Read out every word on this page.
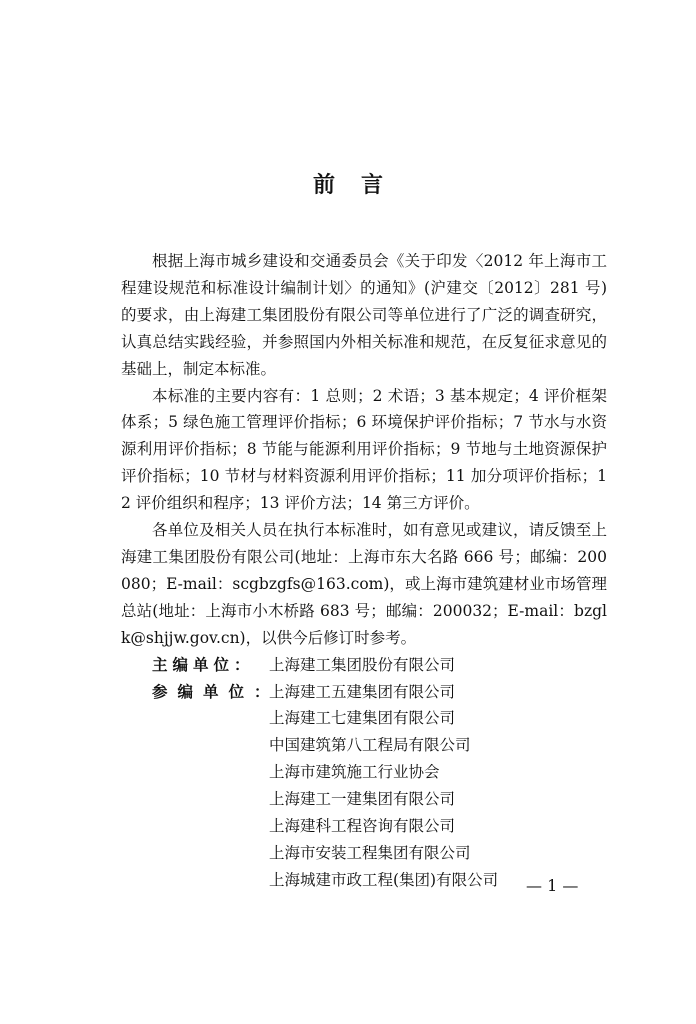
前言

根据上海市城乡建设和交通委员会《关于印发〈2012 年上海市工程建设规范和标准设计编制计划〉的通知》(沪建交〔2012〕281 号)的要求，由上海建工集团股份有限公司等单位进行了广泛的调查研究，认真总结实践经验，并参照国内外相关标准和规范，在反复征求意见的基础上，制定本标准。

本标准的主要内容有：1 总则；2 术语；3 基本规定；4 评价框架体系；5 绿色施工管理评价指标；6 环境保护评价指标；7 节水与水资源利用评价指标；8 节能与能源利用评价指标；9 节地与土地资源保护评价指标；10 节材与材料资源利用评价指标；11 加分项评价指标；12 评价组织和程序；13 评价方法；14 第三方评价。

各单位及相关人员在执行本标准时，如有意见或建议，请反馈至上海建工集团股份有限公司(地址：上海市东大名路 666 号；邮编：200080；E-mail：scgbzgfs@163.com)，或上海市建筑建材业市场管理总站(地址：上海市小木桥路 683 号；邮编：200032；E-mail：bzglk@shjjw.gov.cn)，以供今后修订时参考。

主编单位：	上海建工集团股份有限公司
参编单位： 上海建工五建集团有限公司
上海建工七建集团有限公司
中国建筑第八工程局有限公司
上海市建筑施工行业协会
上海建工一建集团有限公司
上海建科工程咨询有限公司
上海市安装工程集团有限公司
上海城建市政工程(集团)有限公司	— 1 —
